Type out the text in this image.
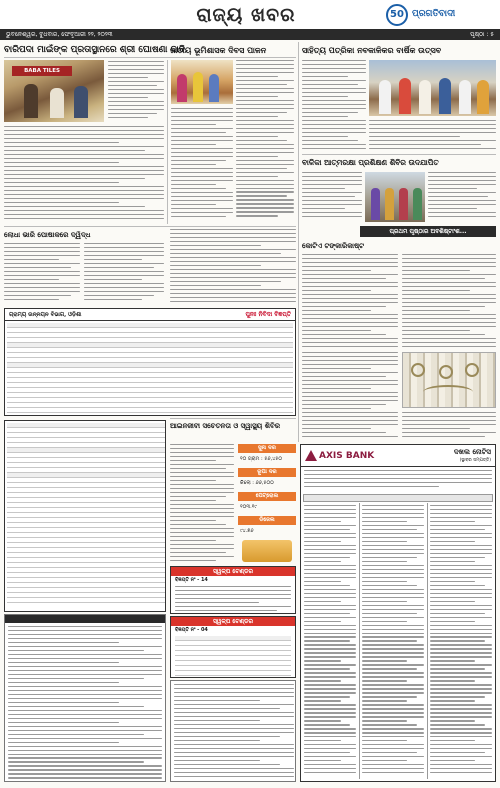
ରାଜ୍ୟ ଖବର	50 ପ୍ରଗତିବାଦୀ
ଭୁବନେଶ୍ୱର, ବୁଧବାର, ଫେବୃଆରୀ ୨୨, ୨୦୨୩	ପୃଷ୍ଠା : ୫
ବାରିପଦା ମାଇଁଙ୍କ ପ୍ରତାସ୍ଥାନରେ ଶ୍ରୀ ଘୋଷଣା ଦାବି
BABA TILES
ଜାତୀୟ ଭୂମିଶାସକ ଦିବସ ପାଳନ	ସାହିତ୍ୟ ପତ୍ରିକା ନବକାଳିକର ବାର୍ଷିକ ଉତ୍ସବ
ବାଳିକା ଆତ୍ମରକ୍ଷା ପ୍ରଶିକ୍ଷଣ ଶିବିର ଉଦଯାପିତ
ଲୋଧା ଭାରି ପୋଷାକରେ ଦ୍ୱିଦ୍ଧ	ପ୍ରଥମ ପୃଷ୍ଠାର ଅବଶିଷ୍ଟାଂଶ...
କୋଟିଏ ଟଙ୍କାରିକାଷ୍ଟ
ଗ୍ରାମ୍ୟ ଉନ୍ନୟନ ବିଭାଗ, ଓଡ଼ିଶା	ପୁନଃ ନିବିଦା ବିଜ୍ଞପ୍ତି
ସୁନା ଦର
୧୦ ଗ୍ରାମ : ୫୬,୪୫୦
ରୂପା ଦର
କିଲୋ : ୬୬,୫୦୦
ପେଟ୍ରୋଲ
୧୦୩.୧୯
ଡିଜେଲ
୯୪.୭୬
ଆଇନଜୀବୀ ସଚେତନତା ଓ ସ୍ୱାସ୍ଥ୍ୟ ଶିବିର
ସ୍ୱଳ୍ପ ଟେଣ୍ଡର
ବିଜ୍ଞପ୍ତି ନଂ - 14
ସ୍ୱଳ୍ପ ଟେଣ୍ଡର
ବିଜ୍ଞପ୍ତି ନଂ - 04
AXIS BANK	ଦଖଲ ନୋଟିସ
(ସ୍ଥାବର ସମ୍ପତ୍ତି)
